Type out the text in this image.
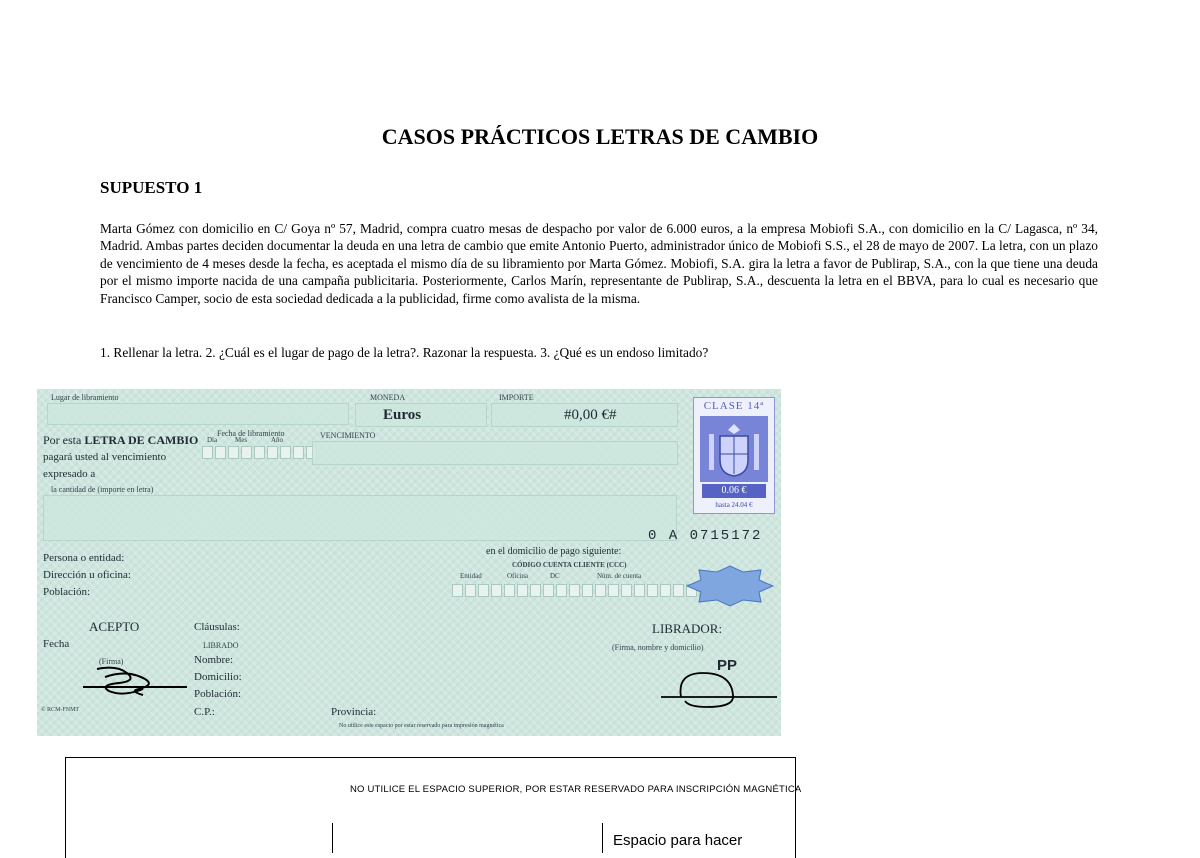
CASOS PRÁCTICOS LETRAS DE CAMBIO
SUPUESTO 1
Marta Gómez con domicilio en C/ Goya nº 57, Madrid, compra cuatro mesas de despacho por valor de 6.000 euros, a la empresa Mobiofi S.A., con domicilio en la C/ Lagasca, nº 34, Madrid. Ambas partes deciden documentar la deuda en una letra de cambio que emite Antonio Puerto, administrador único de Mobiofi S.S., el 28 de mayo de 2007. La letra, con un plazo de vencimiento de 4 meses desde la fecha, es aceptada el mismo día de su libramiento por Marta Gómez. Mobiofi, S.A. gira la letra a favor de Publirap, S.A., con la que tiene una deuda por el mismo importe nacida de una campaña publicitaria. Posteriormente, Carlos Marín, representante de Publirap, S.A., descuenta la letra en el BBVA, para lo cual es necesario que Francisco Camper, socio de esta sociedad dedicada a la publicidad, firme como avalista de la misma.
1. Rellenar la letra. 2. ¿Cuál es el lugar de pago de la letra?. Razonar la respuesta. 3. ¿Qué es un endoso limitado?
Lugar de libramiento	MONEDA
Euros
IMPORTE
#0,00 €#
Por esta LETRA DE CAMBIO
pagará usted al vencimiento
expresado a
Fecha de libramiento
Día	Mes	Año	VENCIMIENTO
la cantidad de (importe en letra)
CLASE 14ª
0.06 €
hasta 24.04 €
0 A 0715172
Persona o entidad:
Dirección u oficina:
Población:
en el domicilio de pago siguiente:
CÓDIGO CUENTA CLIENTE (CCC)
Entidad	Oficina	DC	Núm. de cuenta
ACEPTO
Fecha
(Firma)
Cláusulas:
LIBRADO
Nombre:
Domicilio:
Población:
C.P.:	Provincia:
LIBRADOR:
(Firma, nombre y domicilio)
PP
© RCM-FNMT
No utilice este espacio por estar reservado para impresión magnética
NO UTILICE EL ESPACIO SUPERIOR, POR ESTAR RESERVADO PARA INSCRIPCIÓN MAGNÉTICA
Espacio para hacer
